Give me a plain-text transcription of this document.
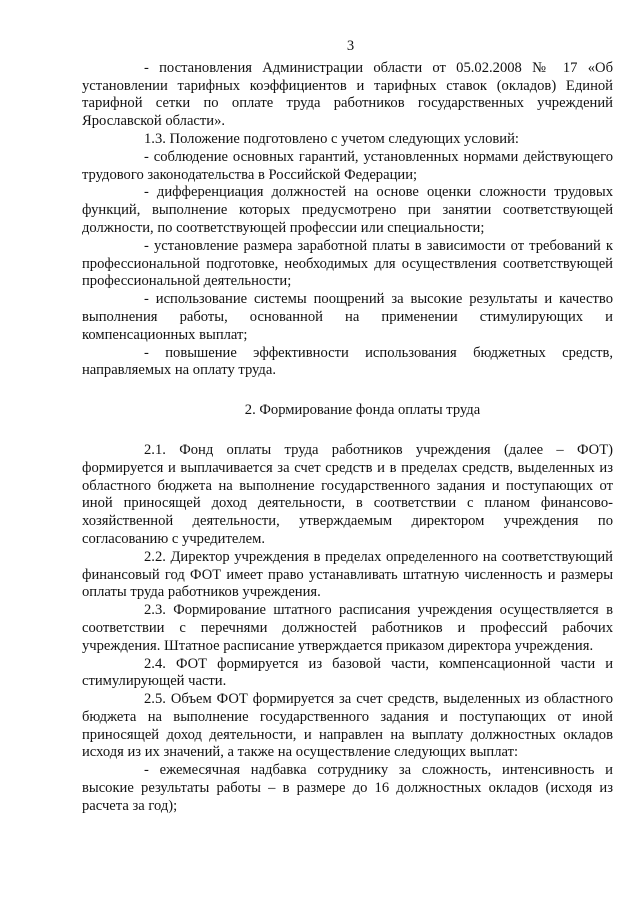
3

- постановления Администрации области от 05.02.2008 № 17 «Об установлении тарифных коэффициентов и тарифных ставок (окладов) Единой тарифной сетки по оплате труда работников государственных учреждений Ярославской области».

1.3. Положение подготовлено с учетом следующих условий:

- соблюдение основных гарантий, установленных нормами действующего трудового законодательства в Российской Федерации;

- дифференциация должностей на основе оценки сложности трудовых функций, выполнение которых предусмотрено при занятии соответствующей должности, по соответствующей профессии или специальности;

- установление размера заработной платы в зависимости от требований к профессиональной подготовке, необходимых для осуществления соответствующей профессиональной деятельности;

- использование системы поощрений за высокие результаты и качество выполнения работы, основанной на применении стимулирующих и компенсационных выплат;

- повышение эффективности использования бюджетных средств, направляемых на оплату труда.

2. Формирование фонда оплаты труда

2.1. Фонд оплаты труда работников учреждения (далее – ФОТ) формируется и выплачивается за счет средств и в пределах средств, выделенных из областного бюджета на выполнение государственного задания и поступающих от иной приносящей доход деятельности, в соответствии с планом финансово-хозяйственной деятельности, утверждаемым директором учреждения по согласованию с учредителем.

2.2. Директор учреждения в пределах определенного на соответствующий финансовый год ФОТ имеет право устанавливать штатную численность и размеры оплаты труда работников учреждения.

2.3. Формирование штатного расписания учреждения осуществляется в соответствии с перечнями должностей работников и профессий рабочих учреждения. Штатное расписание утверждается приказом директора учреждения.

2.4. ФОТ формируется из базовой части, компенсационной части и стимулирующей части.

2.5. Объем ФОТ формируется за счет средств, выделенных из областного бюджета на выполнение государственного задания и поступающих от иной приносящей доход деятельности, и направлен на выплату должностных окладов исходя из их значений, а также на осуществление следующих выплат:

- ежемесячная надбавка сотруднику за сложность, интенсивность и высокие результаты работы – в размере до 16 должностных окладов (исходя из расчета за год);
